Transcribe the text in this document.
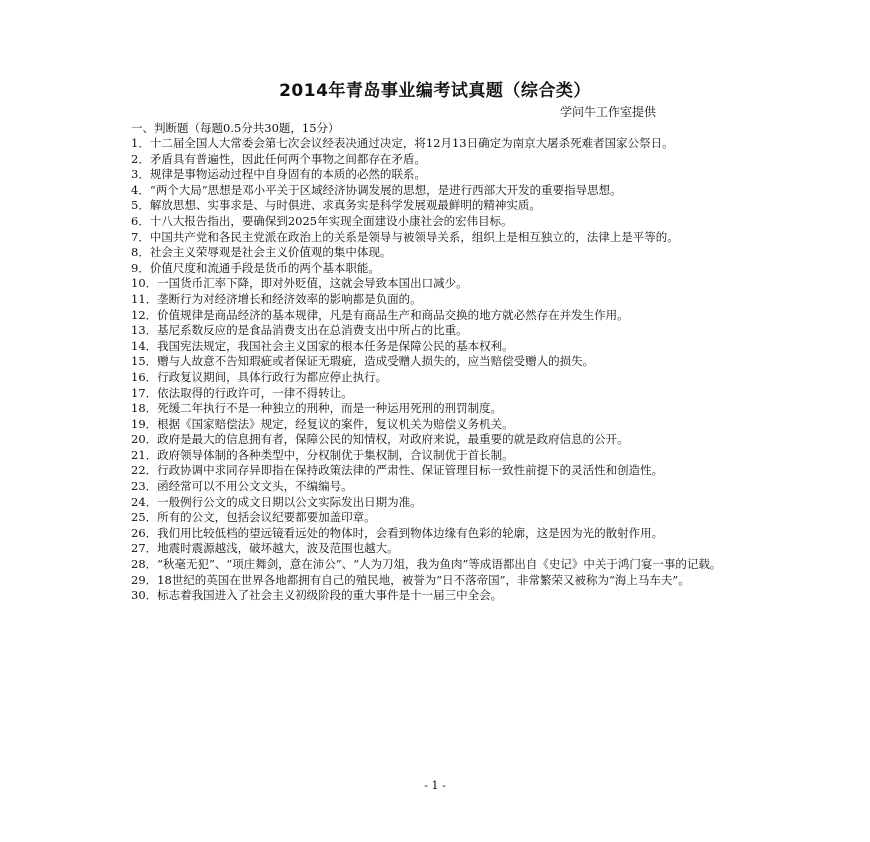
2014年青岛事业编考试真题（综合类）
学问牛工作室提供
一、判断题（每题0.5分共30题，15分）

1．十二届全国人大常委会第七次会议经表决通过决定，将12月13日确定为南京大屠杀死难者国家公祭日。

2．矛盾具有普遍性，因此任何两个事物之间都存在矛盾。

3．规律是事物运动过程中自身固有的本质的必然的联系。

4．“两个大局”思想是邓小平关于区域经济协调发展的思想，是进行西部大开发的重要指导思想。

5．解放思想、实事求是、与时俱进、求真务实是科学发展观最鲜明的精神实质。

6．十八大报告指出，要确保到2025年实现全面建设小康社会的宏伟目标。

7．中国共产党和各民主党派在政治上的关系是领导与被领导关系，组织上是相互独立的，法律上是平等的。

8．社会主义荣辱观是社会主义价值观的集中体现。

9．价值尺度和流通手段是货币的两个基本职能。

10．一国货币汇率下降，即对外贬值，这就会导致本国出口减少。

11．垄断行为对经济增长和经济效率的影响都是负面的。

12．价值规律是商品经济的基本规律，凡是有商品生产和商品交换的地方就必然存在并发生作用。

13．基尼系数反应的是食品消费支出在总消费支出中所占的比重。

14．我国宪法规定，我国社会主义国家的根本任务是保障公民的基本权利。

15．赠与人故意不告知瑕疵或者保证无瑕疵，造成受赠人损失的，应当赔偿受赠人的损失。

16．行政复议期间，具体行政行为都应停止执行。

17．依法取得的行政许可，一律不得转让。

18．死缓二年执行不是一种独立的刑种，而是一种运用死刑的刑罚制度。

19．根据《国家赔偿法》规定，经复议的案件，复议机关为赔偿义务机关。

20．政府是最大的信息拥有者，保障公民的知情权，对政府来说，最重要的就是政府信息的公开。

21．政府领导体制的各种类型中，分权制优于集权制，合议制优于首长制。

22．行政协调中求同存异即指在保持政策法律的严肃性、保证管理目标一致性前提下的灵活性和创造性。

23．函经常可以不用公文文头，不编编号。

24．一般例行公文的成文日期以公文实际发出日期为准。

25．所有的公文，包括会议纪要都要加盖印章。

26．我们用比较低档的望远镜看远处的物体时，会看到物体边缘有色彩的轮廓，这是因为光的散射作用。

27．地震时震源越浅，破坏越大，波及范围也越大。

28．“秋毫无犯”、“项庄舞剑，意在沛公”、“人为刀俎，我为鱼肉”等成语都出自《史记》中关于鸿门宴一事的记载。

29．18世纪的英国在世界各地都拥有自己的殖民地，被誉为“日不落帝国”，非常繁荣又被称为“海上马车夫”。

30．标志着我国进入了社会主义初级阶段的重大事件是十一届三中全会。

- 1 -
